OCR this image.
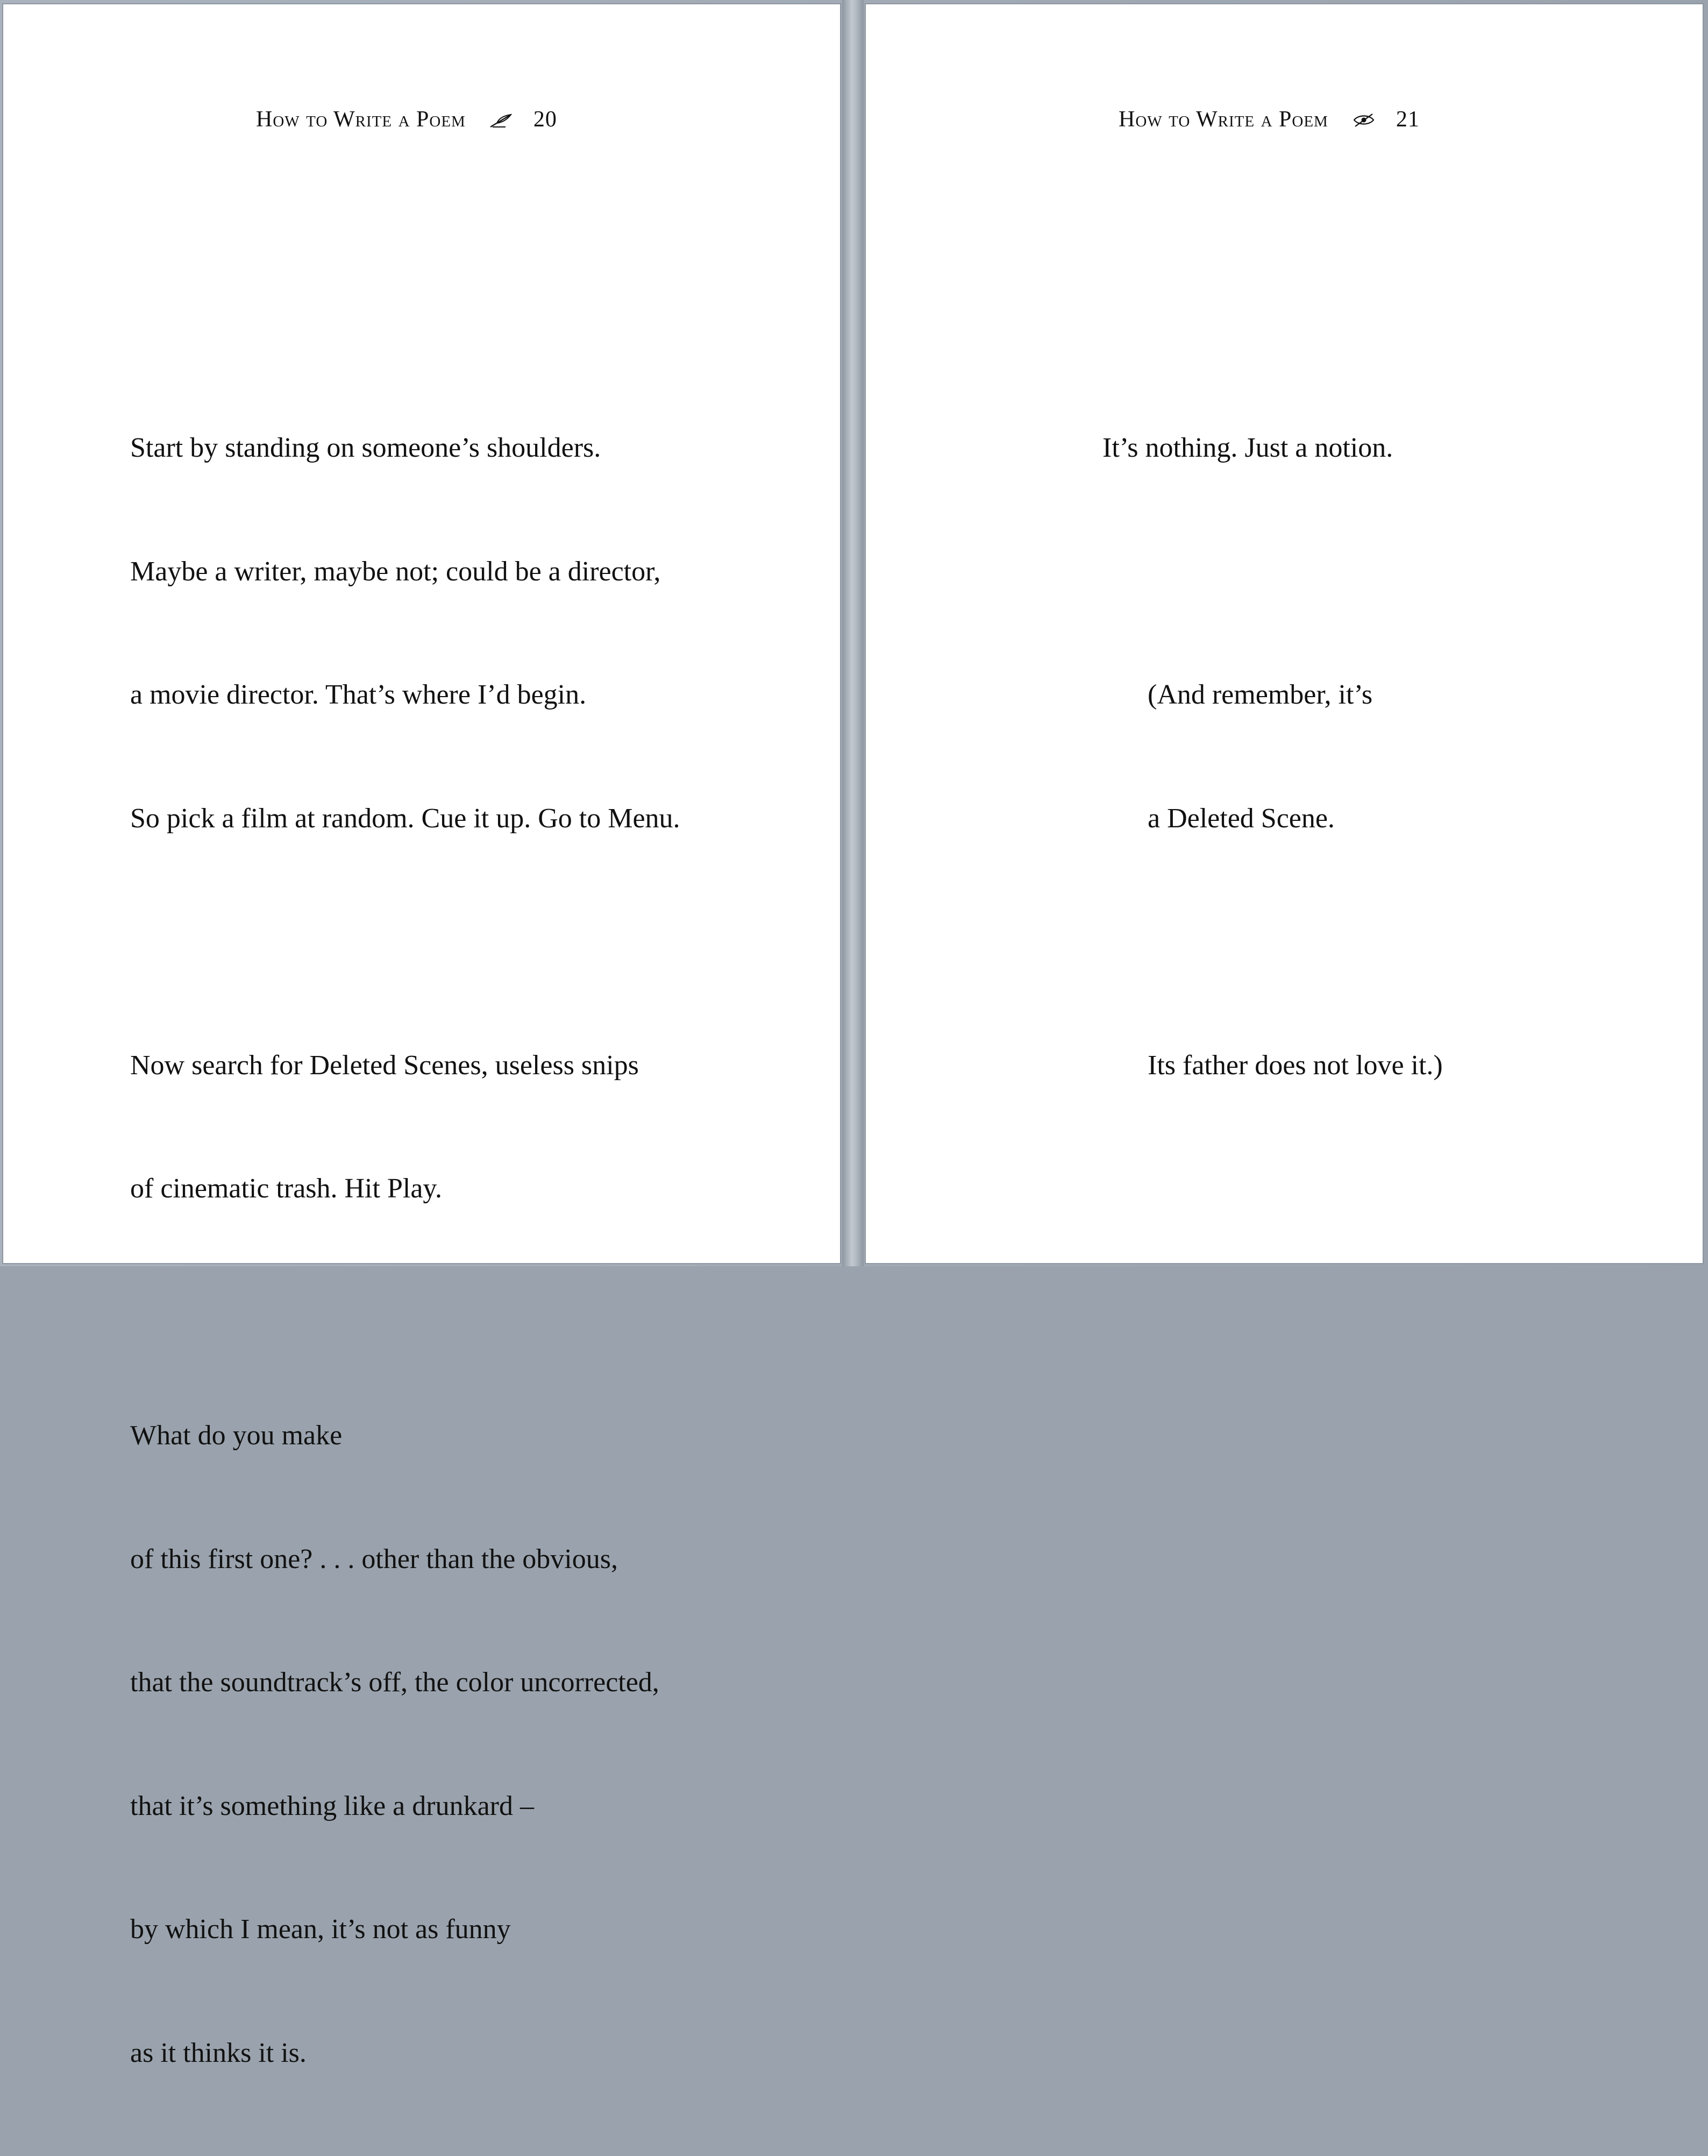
How to Write a Poem	20

Start by standing on someone’s shoulders.

Maybe a writer, maybe not; could be a director,

a movie director. That’s where I’d begin.

So pick a film at random. Cue it up. Go to Menu.

Now search for Deleted Scenes, useless snips

of cinematic trash. Hit Play.

What do you make

of this first one? . . . other than the obvious,

that the soundtrack’s off, the color uncorrected,

that it’s something like a drunkard –

by which I mean, it’s not as funny

as it thinks it is.

How to Write a Poem	21

It’s nothing. Just a notion.

(And remember, it’s

a Deleted Scene.

Its father does not love it.)
